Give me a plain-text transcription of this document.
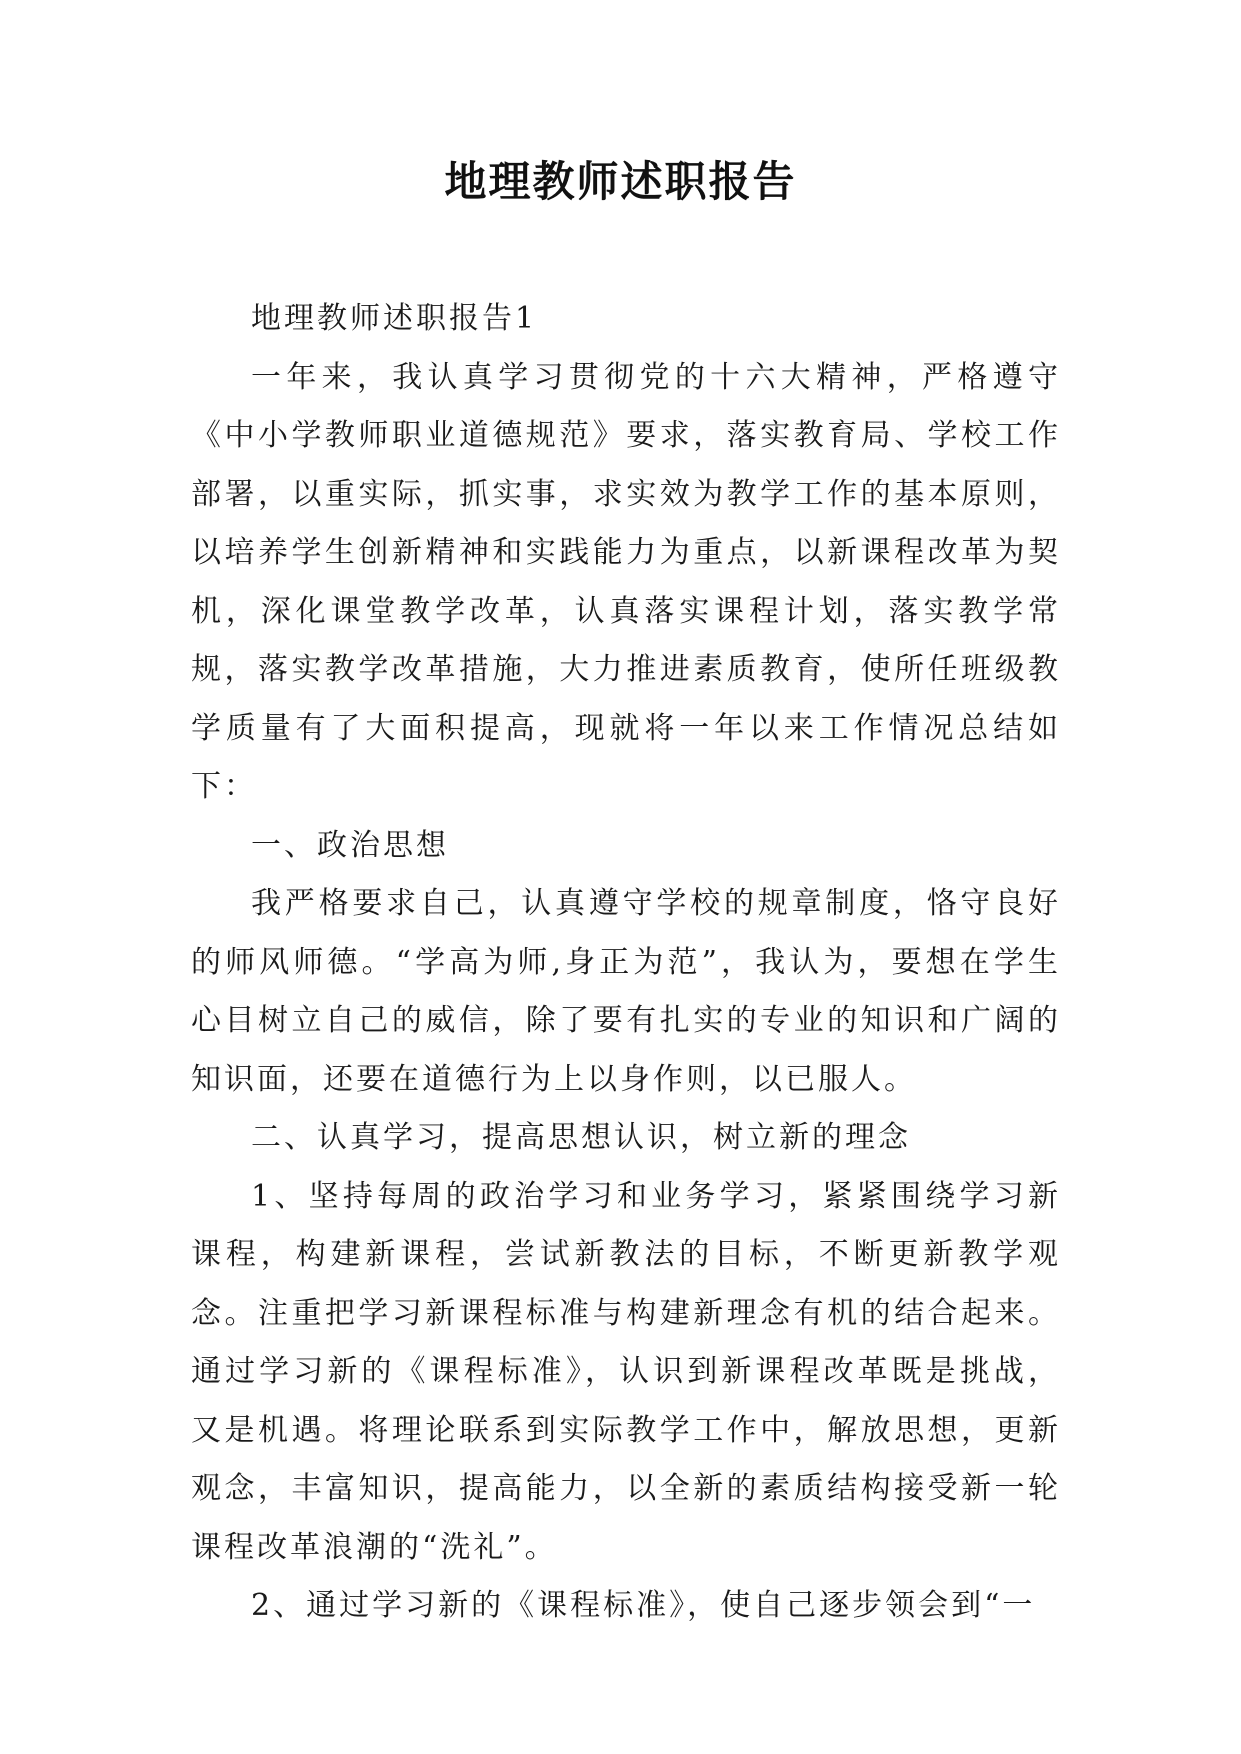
地理教师述职报告

地理教师述职报告1

一年来，我认真学习贯彻党的十六大精神，严格遵守《中小学教师职业道德规范》要求，落实教育局、学校工作部署，以重实际，抓实事，求实效为教学工作的基本原则，以培养学生创新精神和实践能力为重点，以新课程改革为契机，深化课堂教学改革，认真落实课程计划，落实教学常规，落实教学改革措施，大力推进素质教育，使所任班级教学质量有了大面积提高，现就将一年以来工作情况总结如下：

一、政治思想

我严格要求自己，认真遵守学校的规章制度，恪守良好的师风师德。“学高为师,身正为范”，我认为，要想在学生心目树立自己的威信，除了要有扎实的专业的知识和广阔的知识面，还要在道德行为上以身作则，以已服人。

二、认真学习，提高思想认识，树立新的理念

1、坚持每周的政治学习和业务学习，紧紧围绕学习新课程，构建新课程，尝试新教法的目标，不断更新教学观念。注重把学习新课程标准与构建新理念有机的结合起来。通过学习新的《课程标准》，认识到新课程改革既是挑战，又是机遇。将理论联系到实际教学工作中，解放思想，更新观念，丰富知识，提高能力，以全新的素质结构接受新一轮课程改革浪潮的“洗礼”。

2、通过学习新的《课程标准》，使自己逐步领会到“一
